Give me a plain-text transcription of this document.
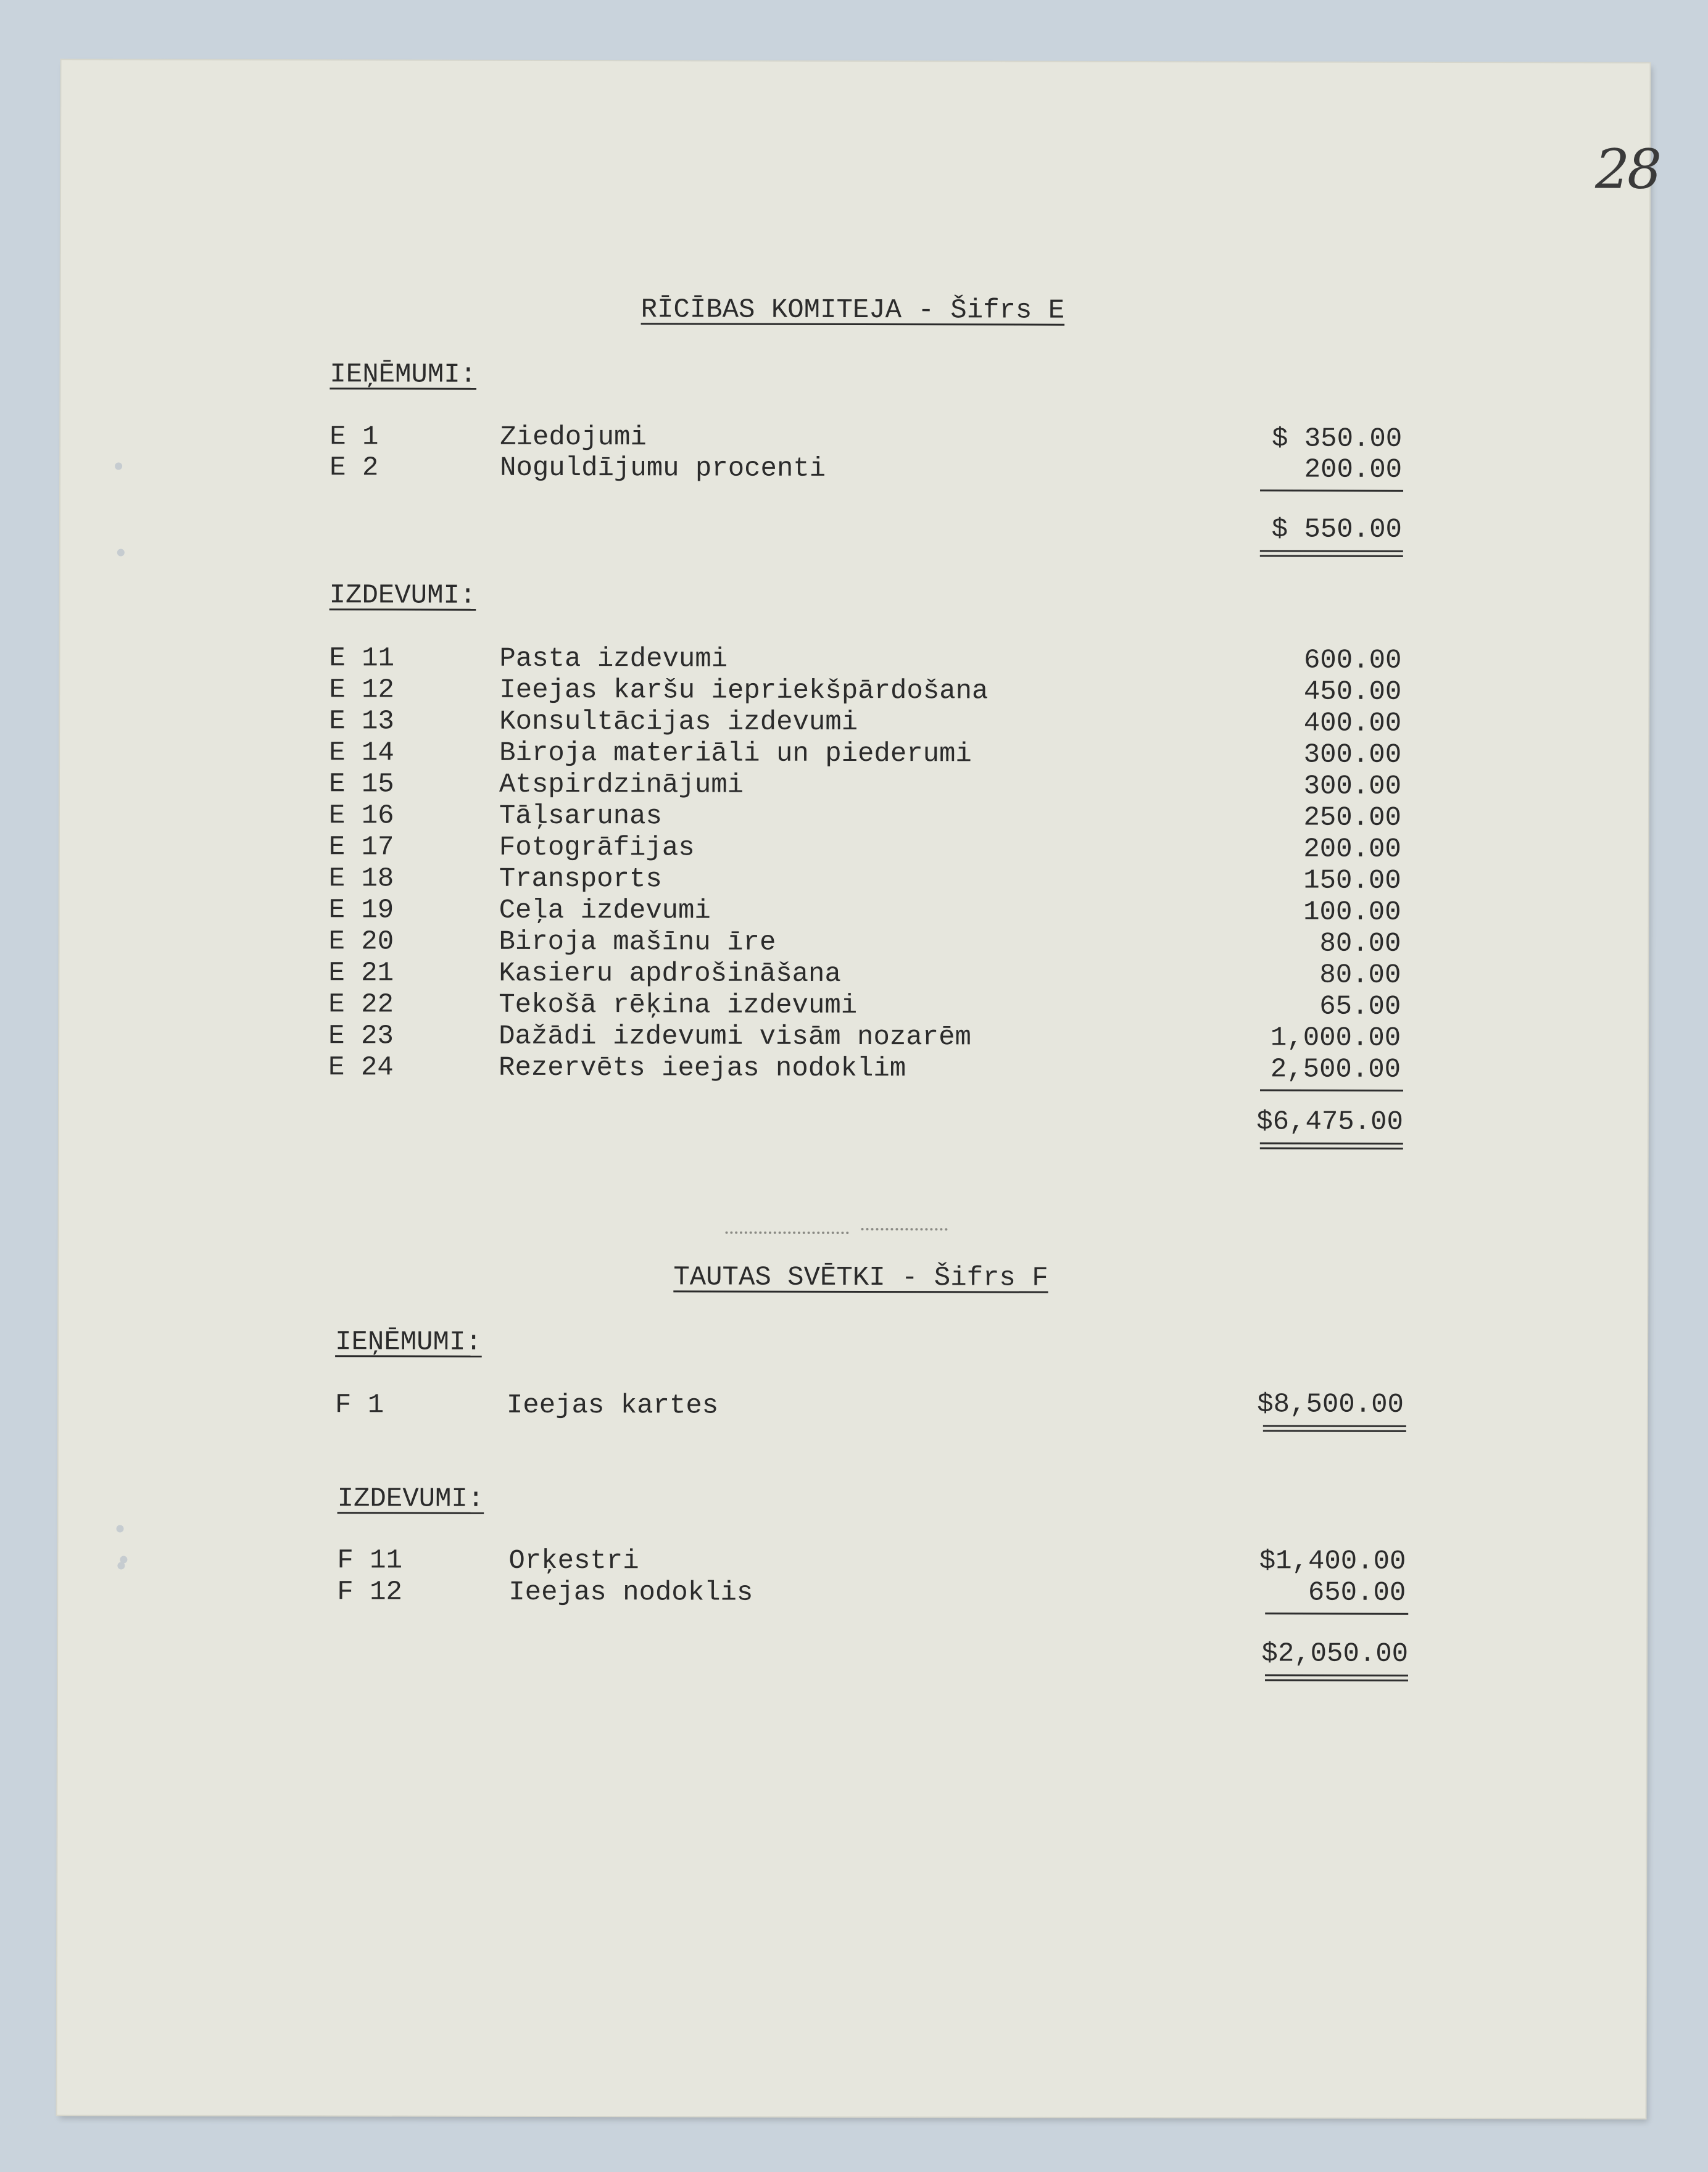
28
RĪCĪBAS KOMITEJA - Šifrs E
IEŅĒMUMI:
E 1	Ziedojumi	$ 350.00
E 2	Noguldījumu procenti	200.00
$ 550.00
IZDEVUMI:
E 11	Pasta izdevumi	600.00
E 12	Ieejas karšu iepriekšpārdošana	450.00
E 13	Konsultācijas izdevumi	400.00
E 14	Biroja materiāli un piederumi	300.00
E 15	Atspirdzinājumi	300.00
E 16	Tāļsarunas	250.00
E 17	Fotogrāfijas	200.00
E 18	Transports	150.00
E 19	Ceļa izdevumi	100.00
E 20	Biroja mašīnu īre	80.00
E 21	Kasieru apdrošināšana	80.00
E 22	Tekošā rēķina izdevumi	65.00
E 23	Dažādi izdevumi visām nozarēm	1,000.00
E 24	Rezervēts ieejas nodoklim	2,500.00
$6,475.00
TAUTAS SVĒTKI - Šifrs F
IEŅĒMUMI:
F 1	Ieejas kartes	$8,500.00
IZDEVUMI:
F 11	Orķestri	$1,400.00
F 12	Ieejas nodoklis	650.00
$2,050.00
